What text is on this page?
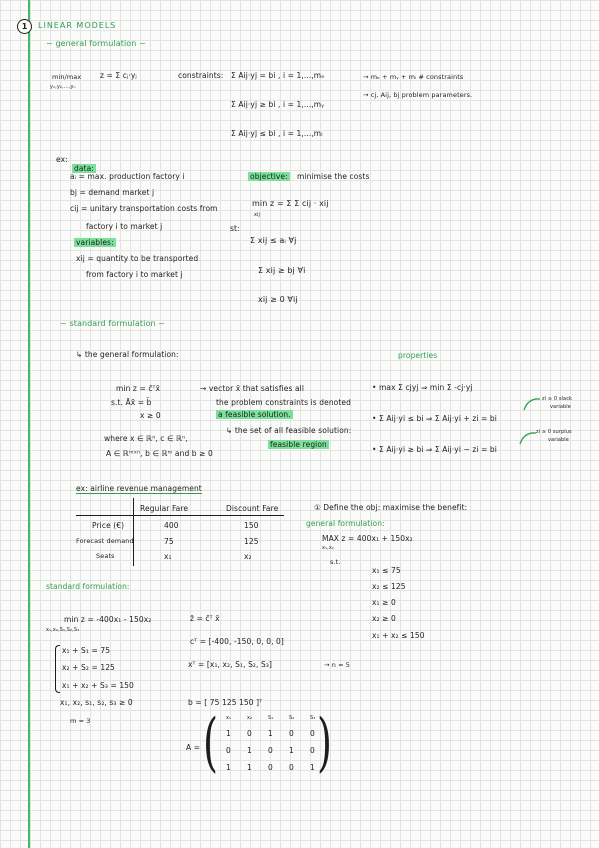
1	LINEAR MODELS
~ general formulation ~
min/max
y₁,y₂,...,yₙ
z = Σ cⱼ·yⱼ	constraints: Σ Aij·yj = bi , i = 1,...,mₑ
Σ Aij·yj ≥ bi , i = 1,...,mᵧ
Σ Aij·yj ≤ bi , i = 1,...,mₗ
→ mₑ + mᵧ + mₗ # constraints
→ cj, Aij, bj problem parameters.
ex:
data:
aᵢ = max. production factory i
bj = demand market j
cij = unitary transportation costs from
factory i to market j
variables:
xij = quantity to be transported
from factory i to market j
objective: minimise the costs
min z = Σ Σ cij · xij
xij
st:
Σ xij ≤ aᵢ ∀j
Σ xij ≥ bj ∀i
xij ≥ 0 ∀ij
~ standard formulation ~
↳ the general formulation:
min z = c̄ᵀx̄
s.t. Āx̄ = b̄
x ≥ 0
→ vector x̄ that satisfies all
the problem constraints is denoted
a feasible solution.
↳ the set of all feasible solution:
feasible region
where x ∈ ℝⁿ, c ∈ ℝⁿ,
A ∈ ℝᵐˣⁿ, b ∈ ℝᵐ and b ≥ 0
properties
• max Σ cjyj ⇒ min Σ -cj·yj
• Σ Aij·yi ≤ bi ⇒ Σ Aij·yi + zi = bi
• Σ Aij·yi ≥ bi ⇒ Σ Aij·yi − zi = bi
zi ≥ 0 slack
variable
zi ≥ 0 surplus
variable
ex: airline revenue management
Regular Fare	Discount Fare
Price (€)	400	150
Forecast demand	75	125
Seats	x₁	x₂
① Define the obj: maximise the benefit:
general formulation:
MAX z = 400x₁ + 150x₂
x₁,x₂
s.t.
x₁ ≤ 75
x₂ ≤ 125
x₁ ≥ 0
x₂ ≥ 0
x₁ + x₂ ≤ 150
standard formulation:
min z = -400x₁ - 150x₂
x₁,x₂,S₁,S₂,S₃
x₁ + S₁ = 75
x₂ + S₂ = 125
x₁ + x₂ + S₃ = 150
x₁, x₂, s₁, s₂, s₃ ≥ 0
m = 3
z̄ = c̄ᵀ x̄
cᵀ = [-400, -150, 0, 0, 0]
xᵀ = [x₁, x₂, S₁, S₂, S₃]	→ n = 5
b = [ 75 125 150 ]ᵀ
A =
x₁	x₂	S₁	S₂	S₃
( )
1 0 1 0 0
0 1 0 1 0
1 1 0 0 1
